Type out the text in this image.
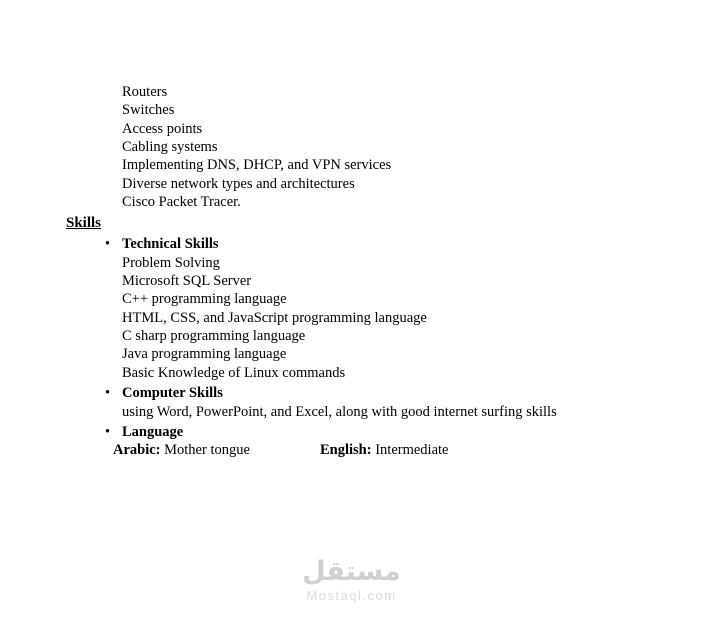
Routers
Switches
Access points
Cabling systems
Implementing DNS, DHCP, and VPN services
Diverse network types and architectures
Cisco Packet Tracer.
Skills
• Technical Skills
Problem Solving
Microsoft SQL Server
C++ programming language
HTML, CSS, and JavaScript programming language
C sharp programming language
Java programming language
Basic Knowledge of Linux commands
• Computer Skills
using Word, PowerPoint, and Excel, along with good internet surfing skills
• Language
Arabic: Mother tongue	English: Intermediate
مستقل
Mostaql.com
